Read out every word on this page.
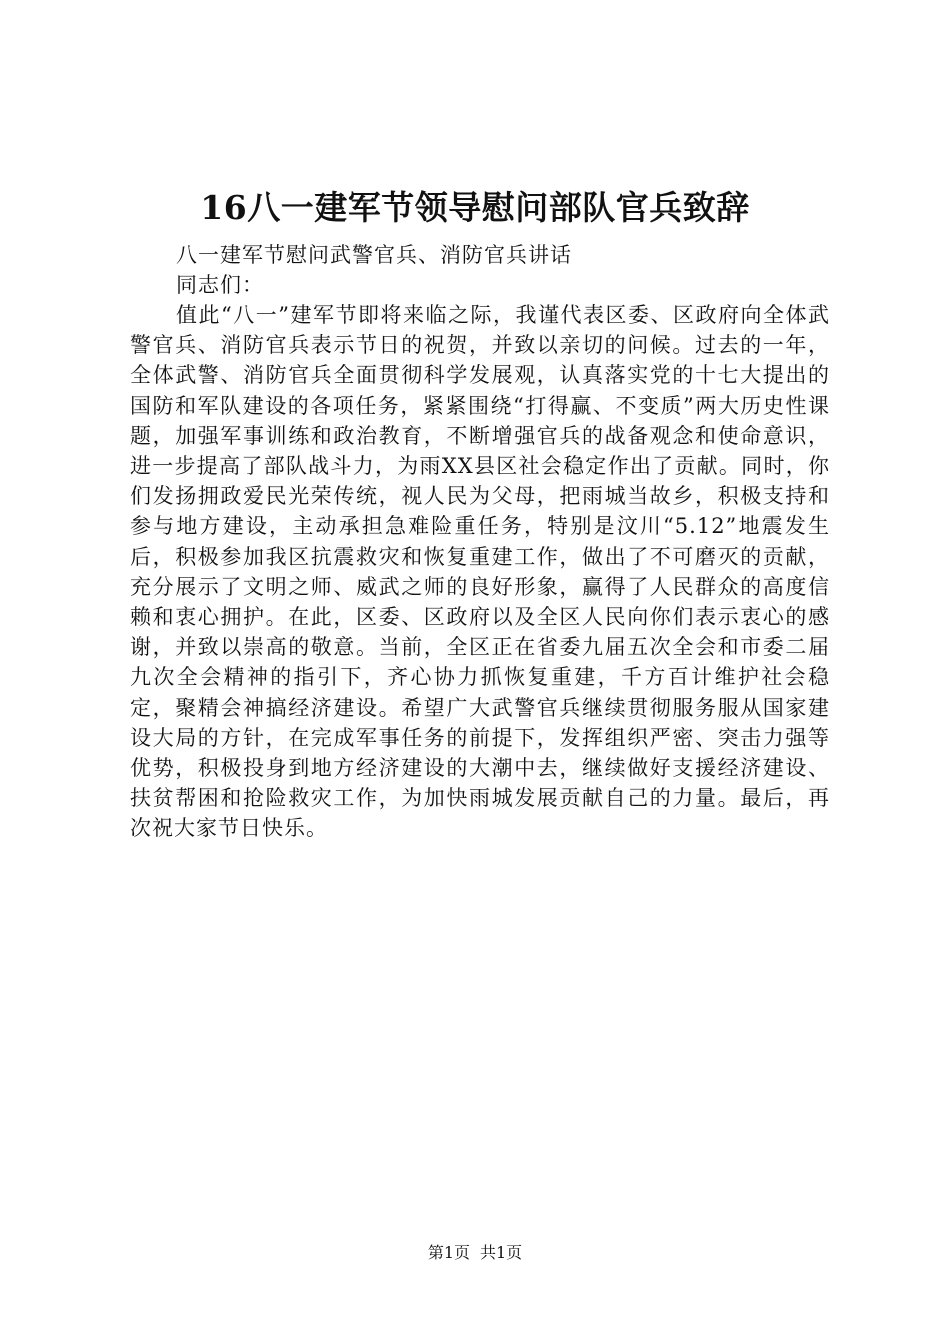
16八一建军节领导慰问部队官兵致辞
八一建军节慰问武警官兵、消防官兵讲话
同志们：

值此“八一”建军节即将来临之际，我谨代表区委、区政府向全体武警官兵、消防官兵表示节日的祝贺，并致以亲切的问候。过去的一年，全体武警、消防官兵全面贯彻科学发展观，认真落实党的十七大提出的国防和军队建设的各项任务，紧紧围绕“打得赢、不变质”两大历史性课题，加强军事训练和政治教育，不断增强官兵的战备观念和使命意识，进一步提高了部队战斗力，为雨XX县区社会稳定作出了贡献。同时，你们发扬拥政爱民光荣传统，视人民为父母，把雨城当故乡，积极支持和参与地方建设，主动承担急难险重任务，特别是汶川“5.12”地震发生后，积极参加我区抗震救灾和恢复重建工作，做出了不可磨灭的贡献，充分展示了文明之师、威武之师的良好形象，赢得了人民群众的高度信赖和衷心拥护。在此，区委、区政府以及全区人民向你们表示衷心的感谢，并致以崇高的敬意。当前，全区正在省委九届五次全会和市委二届九次全会精神的指引下，齐心协力抓恢复重建，千方百计维护社会稳定，聚精会神搞经济建设。希望广大武警官兵继续贯彻服务服从国家建设大局的方针，在完成军事任务的前提下，发挥组织严密、突击力强等优势，积极投身到地方经济建设的大潮中去，继续做好支援经济建设、扶贫帮困和抢险救灾工作，为加快雨城发展贡献自己的力量。最后，再次祝大家节日快乐。

第1页 共1页
